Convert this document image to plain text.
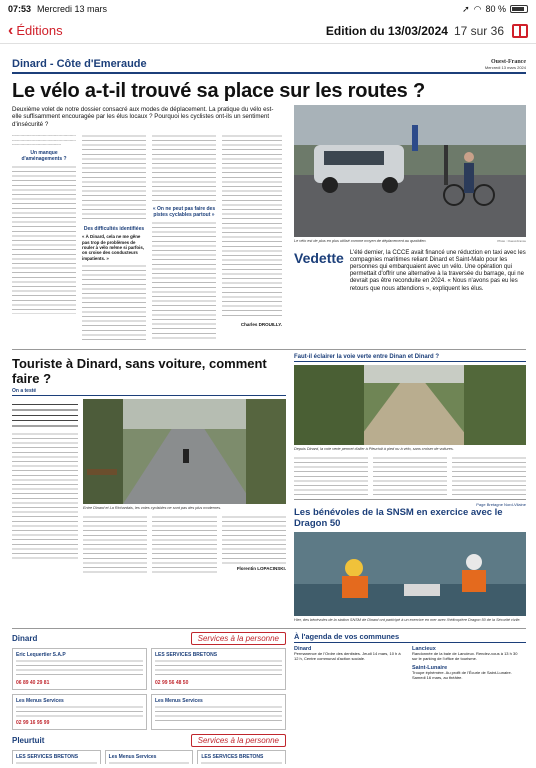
07:53 Mercredi 13 mars	➚ ◠ 80 %
‹ Éditions	Edition du 13/03/2024 17 sur 36
Dinard - Côte d'Emeraude	Ouest-France
Mercredi 13 mars 2024
Le vélo a-t-il trouvé sa place sur les routes ?
Deuxième volet de notre dossier consacré aux modes de déplacement. La pratique du vélo est-elle suffisamment encouragée par les élus locaux ? Pourquoi les cyclistes ont-ils un sentiment d'insécurité ?
------------------------------------------------------------------------------------------------------------------------------------------------
Un manque d'aménagements ?
Des difficultés identifiées
« À Dinard, cela ne me gêne pas trop de problèmes de rouler à vélo même si parfois, on croise des conducteurs impatients. »
« On ne peut pas faire des pistes cyclables partout »
Charles DROUILLY.
Le vélo est de plus en plus utilisé comme moyen de déplacement au quotidien.	Photo : Ouest-France
Vedette L'été dernier, la CCCE avait financé une réduction en taxi avec les compagnies maritimes reliant Dinard et Saint-Malo pour les personnes qui embarquaient avec un vélo. Une opération qui permettait d'offrir une alternative à la traversée du barrage, qui ne devrait pas être reconduite en 2024. « Nous n'avons pas eu les retours que nous attendions », expliquent les élus.
Touriste à Dinard, sans voiture, comment faire ?
On a testé
Entre Dinard et La Richardais, les voies cyclables ne sont pas des plus modernes.
Florentin LOPACINSKI.
Faut-il éclairer la voie verte entre Dinan et Dinard ?
Depuis Dinard, la voie verte permet d'aller à Pleurtuit à pied ou à vélo, sans croiser de voitures.
Page Bretagne Nord-Vilaine
Les bénévoles de la SNSM en exercice avec le Dragon 50
Hier, des bénévoles de la station SNSM de Dinard ont participé à un exercice en mer avec l'hélicoptère Dragon 50 de la Sécurité civile.
Dinard	Services à la personne
Eric Lequertier S.A.P
06 89 40 29 81
LES SERVICES BRETONS
02 99 56 48 50
Les Menus Services
02 99 16 95 99
Les Menus Services
À l'agenda de vos communes
Dinard
Permanence de l'Ordre des dentistes. Jeudi 14 mars, 10 h à 12 h, Centre communal d'action sociale.
Lancieux
Randonnée de la baie de Lancieux. Rendez-vous à 13 h 30 sur le parking de l'office de tourisme.
Saint-Lunaire
Troupe éphémère. Au profit de l'Écurie de Saint-Lunaire. Samedi 16 mars, au théâtre.
Pleurtuit	Services à la personne
LES SERVICES BRETONS	Les Menus Services	LES SERVICES BRETONS
